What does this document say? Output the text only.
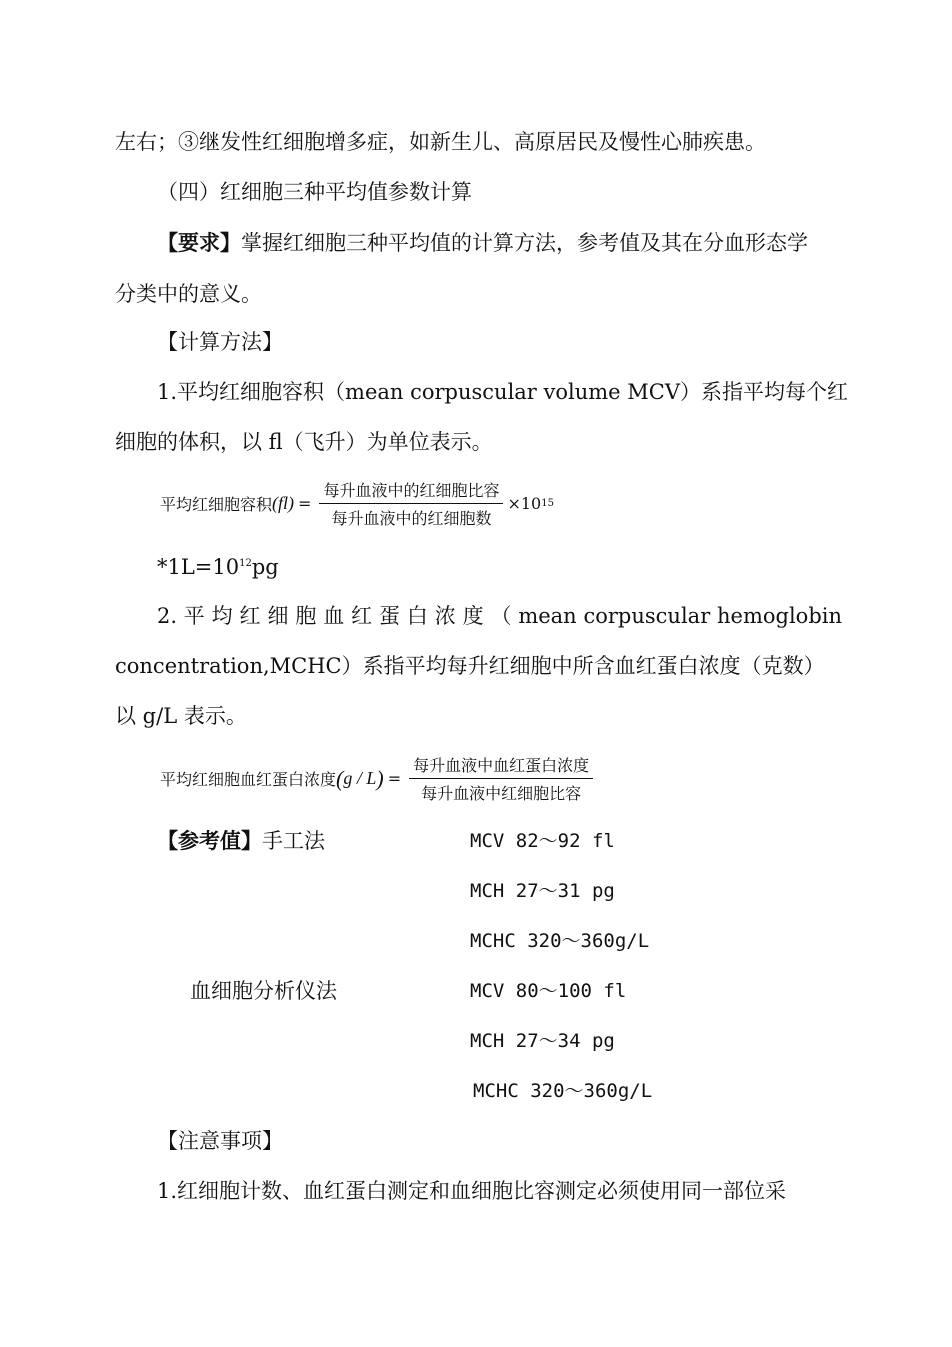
左右；③继发性红细胞增多症，如新生儿、高原居民及慢性心肺疾患。
（四）红细胞三种平均值参数计算
【要求】掌握红细胞三种平均值的计算方法，参考值及其在分血形态学
分类中的意义。
【计算方法】
1.平均红细胞容积（mean corpuscular volume MCV）系指平均每个红
细胞的体积，以 fl（飞升）为单位表示。
平均红细胞容积 ( fl ) = $\frac{\text{每升血液中的红细胞比容}}{\text{每升血液中的红细胞数}} \times 10$ 15
$*1L=10^{12}pg$
2. 平 均 红 细 胞 血 红 蛋 白 浓 度 （ mean corpuscular hemoglobin
concentration,MCHC）系指平均每升红细胞中所含血红蛋白浓度（克数）
以 g/L 表示。
平均红细胞血红蛋白浓度 ( g / L ) = $\frac{\text{每升血液中血红蛋白浓度}}{\text{每升血液中红细胞比容}}$
【参考值】手工法	MCV 82～92 fl
MCH 27～31 pg
MCHC 320～360g/L
血细胞分析仪法	MCV 80～100 fl
MCH 27～34 pg
MCHC 320～360g/L
【注意事项】
1.红细胞计数、血红蛋白测定和血细胞比容测定必须使用同一部位采
